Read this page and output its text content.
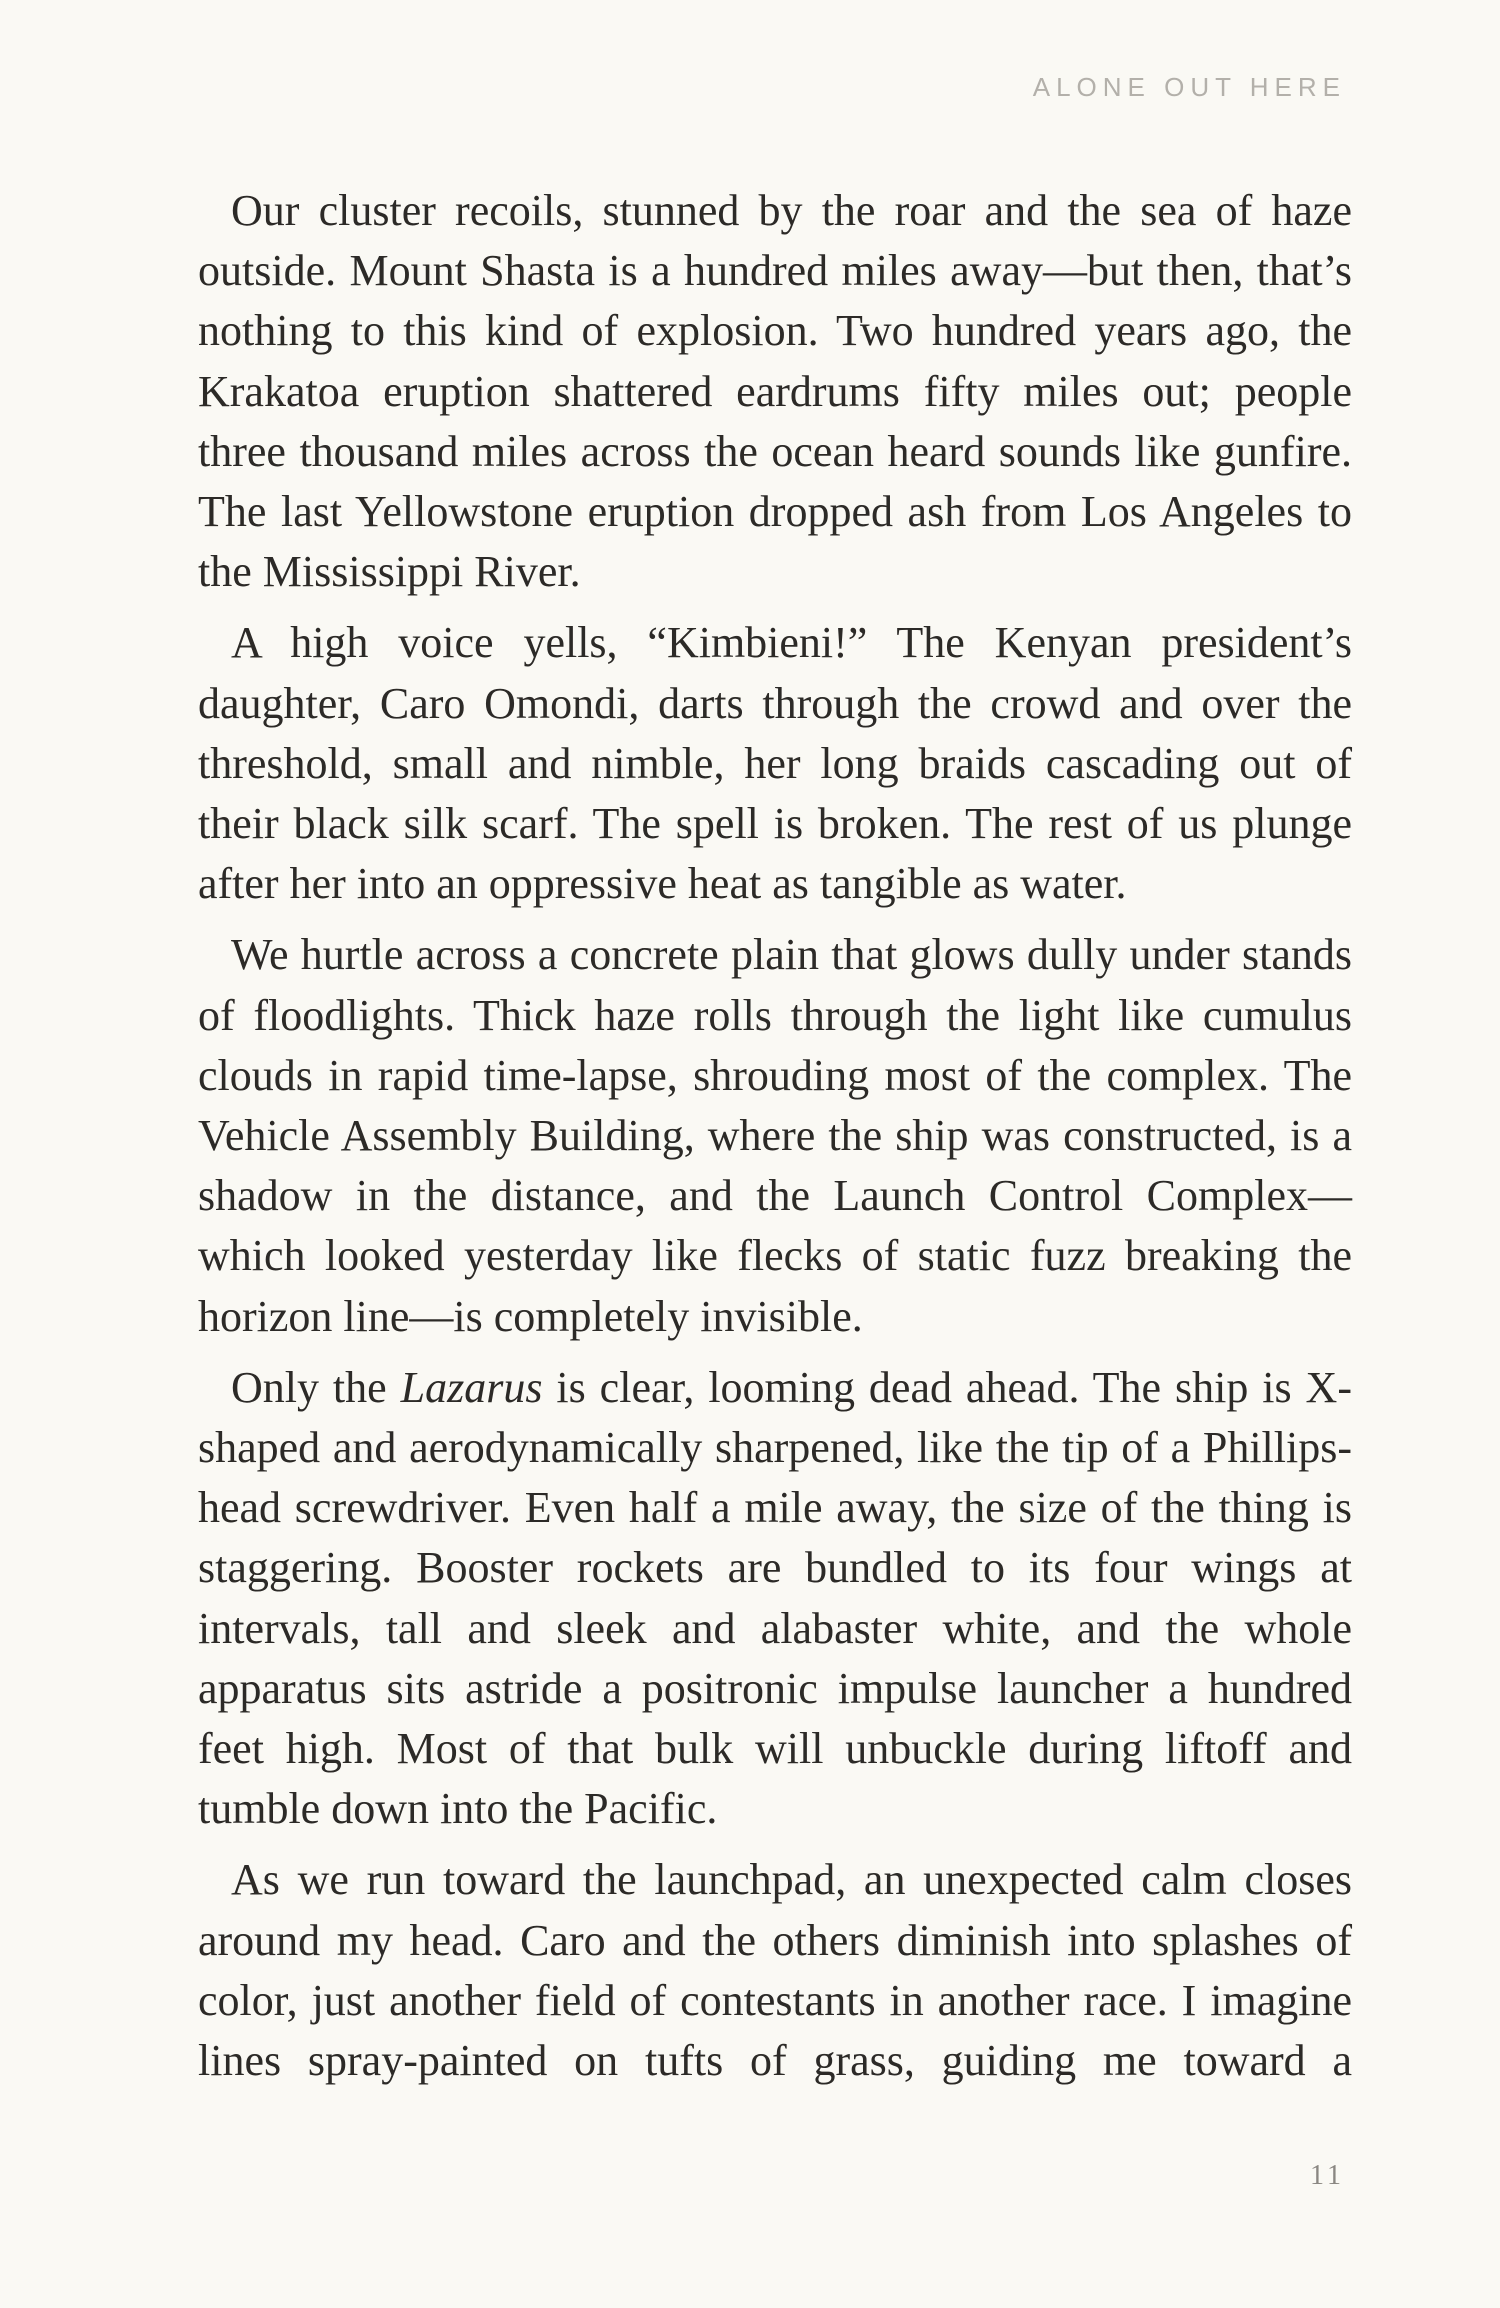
ALONE OUT HERE

Our cluster recoils, stunned by the roar and the sea of haze outside. Mount Shasta is a hundred miles away—but then, that’s nothing to this kind of explosion. Two hundred years ago, the Krakatoa eruption shattered eardrums fifty miles out; people three thousand miles across the ocean heard sounds like gunfire. The last Yellowstone eruption dropped ash from Los Angeles to the Mississippi River.

A high voice yells, “Kimbieni!” The Kenyan president’s daughter, Caro Omondi, darts through the crowd and over the threshold, small and nimble, her long braids cascading out of their black silk scarf. The spell is broken. The rest of us plunge after her into an oppressive heat as tangible as water.

We hurtle across a concrete plain that glows dully under stands of floodlights. Thick haze rolls through the light like cumulus clouds in rapid time-lapse, shrouding most of the complex. The Vehicle Assembly Building, where the ship was constructed, is a shadow in the distance, and the Launch Control Complex—which looked yesterday like flecks of static fuzz breaking the horizon line—is completely invisible.

Only the Lazarus is clear, looming dead ahead. The ship is X-shaped and aerodynamically sharpened, like the tip of a Phillips-head screwdriver. Even half a mile away, the size of the thing is staggering. Booster rockets are bundled to its four wings at intervals, tall and sleek and alabaster white, and the whole apparatus sits astride a positronic impulse launcher a hundred feet high. Most of that bulk will unbuckle during liftoff and tumble down into the Pacific.

As we run toward the launchpad, an unexpected calm closes around my head. Caro and the others diminish into splashes of color, just another field of contestants in another race. I imagine lines spray-painted on tufts of grass, guiding me toward a

11
